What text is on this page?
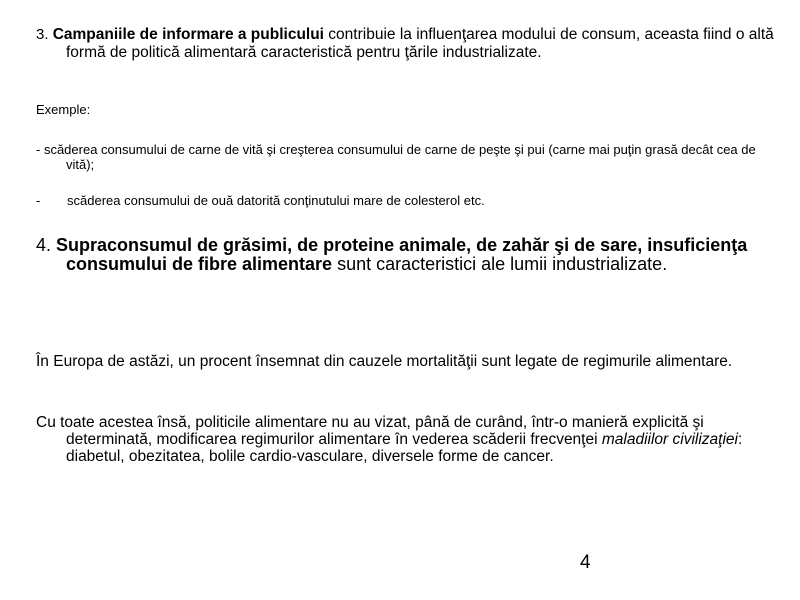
3. Campaniile de informare a publicului contribuie la influenţarea modului de consum, aceasta fiind o altă formă de politică alimentară caracteristică pentru ţările industrializate.

Exemple:

- scăderea consumului de carne de vită şi creşterea consumului de carne de peşte şi pui (carne mai puţin grasă decât cea de vită);

- scăderea consumului de ouă datorită conţinutului mare de colesterol etc.

4. Supraconsumul de grăsimi, de proteine animale, de zahăr şi de sare, insuficienţa consumului de fibre alimentare sunt caracteristici ale lumii industrializate.

În Europa de astăzi, un procent însemnat din cauzele mortalităţii sunt legate de regimurile alimentare.

Cu toate acestea însă, politicile alimentare nu au vizat, până de curând, într-o manieră explicită şi determinată, modificarea regimurilor alimentare în vederea scăderii frecvenţei maladiilor civilizaţiei: diabetul, obezitatea, bolile cardio-vasculare, diversele forme de cancer.

4
